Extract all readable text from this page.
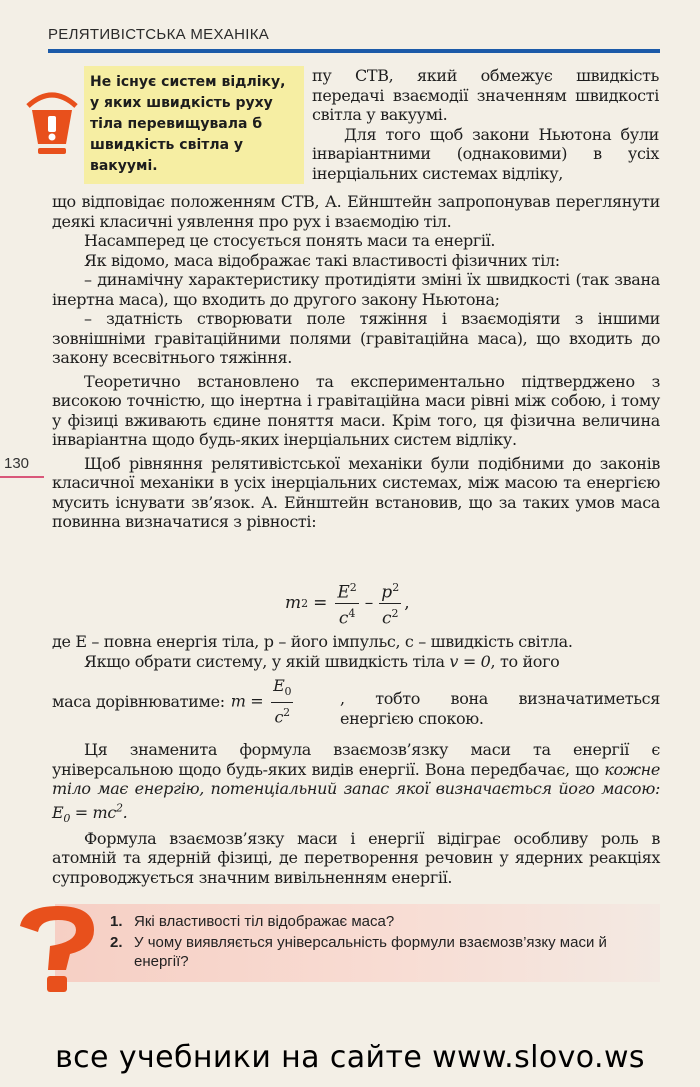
РЕЛЯТИВІСТСЬКА МЕХАНІКА
130
Не існує систем відліку, у яких швидкість руху тіла перевищувала б швидкість світла у вакуумі.

пу СТВ, який обмежує швидкість передачі взаємодії значенням швидкості світла у вакуумі.

Для того щоб закони Ньютона були інваріантними (однаковими) в усіх інерціальних системах відліку,

що відповідає положенням СТВ, А. Ейнштейн запропонував переглянути деякі класичні уявлення про рух і взаємодію тіл.

Насамперед це стосується понять маси та енергії.

Як відомо, маса відображає такі властивості фізичних тіл:

– динамічну характеристику протидіяти зміні їх швидкості (так звана інертна маса), що входить до другого закону Ньютона;

– здатність створювати поле тяжіння і взаємодіяти з іншими зовнішніми гравітаційними полями (гравітаційна маса), що входить до закону всесвітнього тяжіння.

Теоретично встановлено та експериментально підтверджено з високою точністю, що інертна і гравітаційна маси рівні між собою, і тому у фізиці вживають єдине поняття маси. Крім того, ця фізична величина інваріантна щодо будь-яких інерціальних систем відліку.

Щоб рівняння релятивістської механіки були подібними до законів класичної механіки в усіх інерціальних системах, між масою та енергією мусить існувати зв’язок. А. Ейнштейн встановив, що за таких умов маса повинна визначатися з рівності:

m $2 = \frac{E^2}{c^4} - \frac{p^2}{c^2}$ ,

де E – повна енергія тіла, p – його імпульс, c – швидкість світла.

Якщо обрати систему, у якій швидкість тіла v = 0, то його

маса дорівнюватиме: $m = \frac{E_0}{c^2}$	, тобто вона визначатиметься енергією спокою.

Ця знаменита формула взаємозв’язку маси та енергії є універсальною щодо будь-яких видів енергії. Вона передбачає, що кожне тіло має енергію, потенціальний запас якої визначається його масою: $E_0 = mc^2$.

Формула взаємозв’язку маси і енергії відіграє особливу роль в атомній та ядерній фізиці, де перетворення речовин у ядерних реакціях супроводжується значним вивільненням енергії.

1. Які властивості тіл відображає маса?
2. У чому виявляється універсальність формули взаємозв’язку маси й енергії?
все учебники на сайте www.slovo.ws
